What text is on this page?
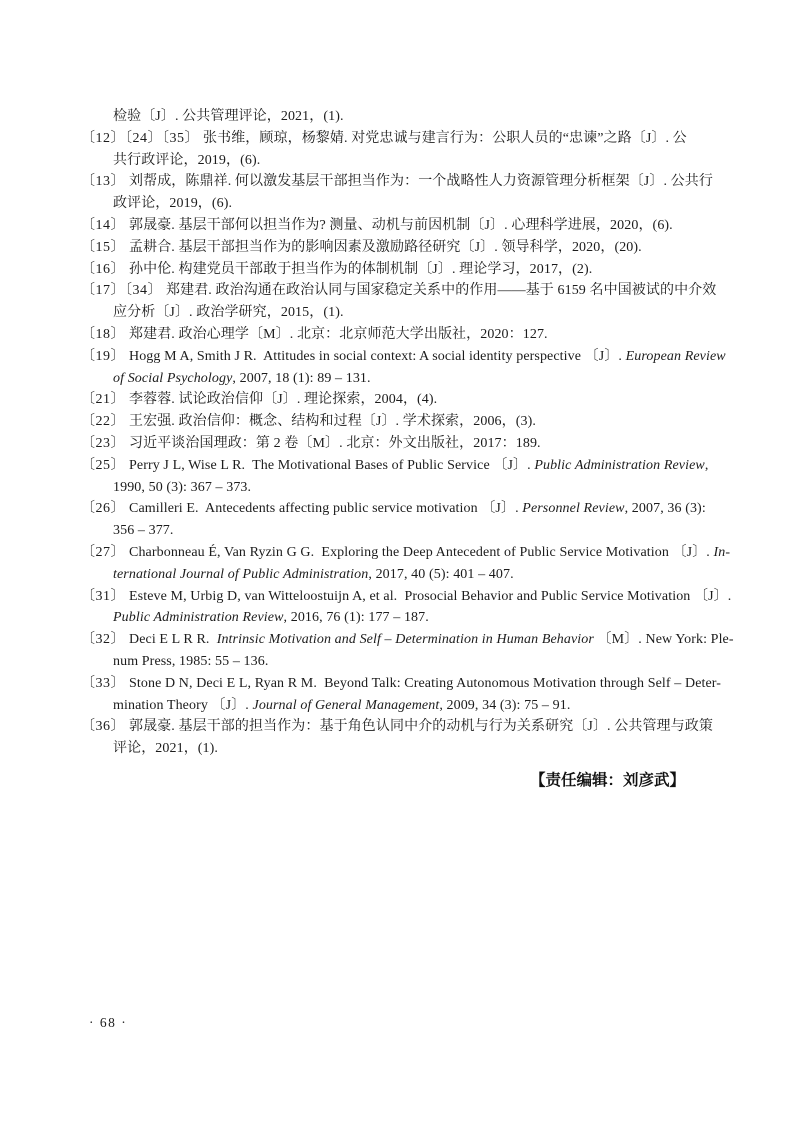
检验〔J〕. 公共管理评论，2021，(1).
〔12〕〔24〕〔35〕 张书维，顾琼，杨黎婧. 对党忠诚与建言行为：公职人员的“忠谏”之路〔J〕. 公
共行政评论，2019，(6).
〔13〕 刘帮成，陈鼎祥. 何以激发基层干部担当作为：一个战略性人力资源管理分析框架〔J〕. 公共行
政评论，2019，(6).
〔14〕 郭晟豪. 基层干部何以担当作为? 测量、动机与前因机制〔J〕. 心理科学进展，2020，(6).
〔15〕 孟耕合. 基层干部担当作为的影响因素及激励路径研究〔J〕. 领导科学，2020，(20).
〔16〕 孙中伦. 构建党员干部敢于担当作为的体制机制〔J〕. 理论学习，2017，(2).
〔17〕〔34〕 郑建君. 政治沟通在政治认同与国家稳定关系中的作用——基于 6159 名中国被试的中介效
应分析〔J〕. 政治学研究，2015，(1).
〔18〕 郑建君. 政治心理学〔M〕. 北京：北京师范大学出版社，2020：127.
〔19〕 Hogg M A, Smith J R.  Attitudes in social context: A social identity perspective 〔J〕. European Review
of Social Psychology, 2007, 18 (1): 89 – 131.
〔21〕 李蓉蓉. 试论政治信仰〔J〕. 理论探索，2004，(4).
〔22〕 王宏强. 政治信仰：概念、结构和过程〔J〕. 学术探索，2006，(3).
〔23〕 习近平谈治国理政：第 2 卷〔M〕. 北京：外文出版社，2017：189.
〔25〕 Perry J L, Wise L R.  The Motivational Bases of Public Service 〔J〕. Public Administration Review,
1990, 50 (3): 367 – 373.
〔26〕 Camilleri E.  Antecedents affecting public service motivation 〔J〕. Personnel Review, 2007, 36 (3):
356 – 377.
〔27〕 Charbonneau É, Van Ryzin G G.  Exploring the Deep Antecedent of Public Service Motivation 〔J〕. In-
ternational Journal of Public Administration, 2017, 40 (5): 401 – 407.
〔31〕 Esteve M, Urbig D, van Witteloostuijn A, et al.  Prosocial Behavior and Public Service Motivation 〔J〕.
Public Administration Review, 2016, 76 (1): 177 – 187.
〔32〕 Deci E L R R.  Intrinsic Motivation and Self – Determination in Human Behavior 〔M〕. New York: Ple-
num Press, 1985: 55 – 136.
〔33〕 Stone D N, Deci E L, Ryan R M.  Beyond Talk: Creating Autonomous Motivation through Self – Deter-
mination Theory 〔J〕. Journal of General Management, 2009, 34 (3): 75 – 91.
〔36〕 郭晟豪. 基层干部的担当作为：基于角色认同中介的动机与行为关系研究〔J〕. 公共管理与政策
评论，2021，(1).
【责任编辑：刘彦武】
· 68 ·
